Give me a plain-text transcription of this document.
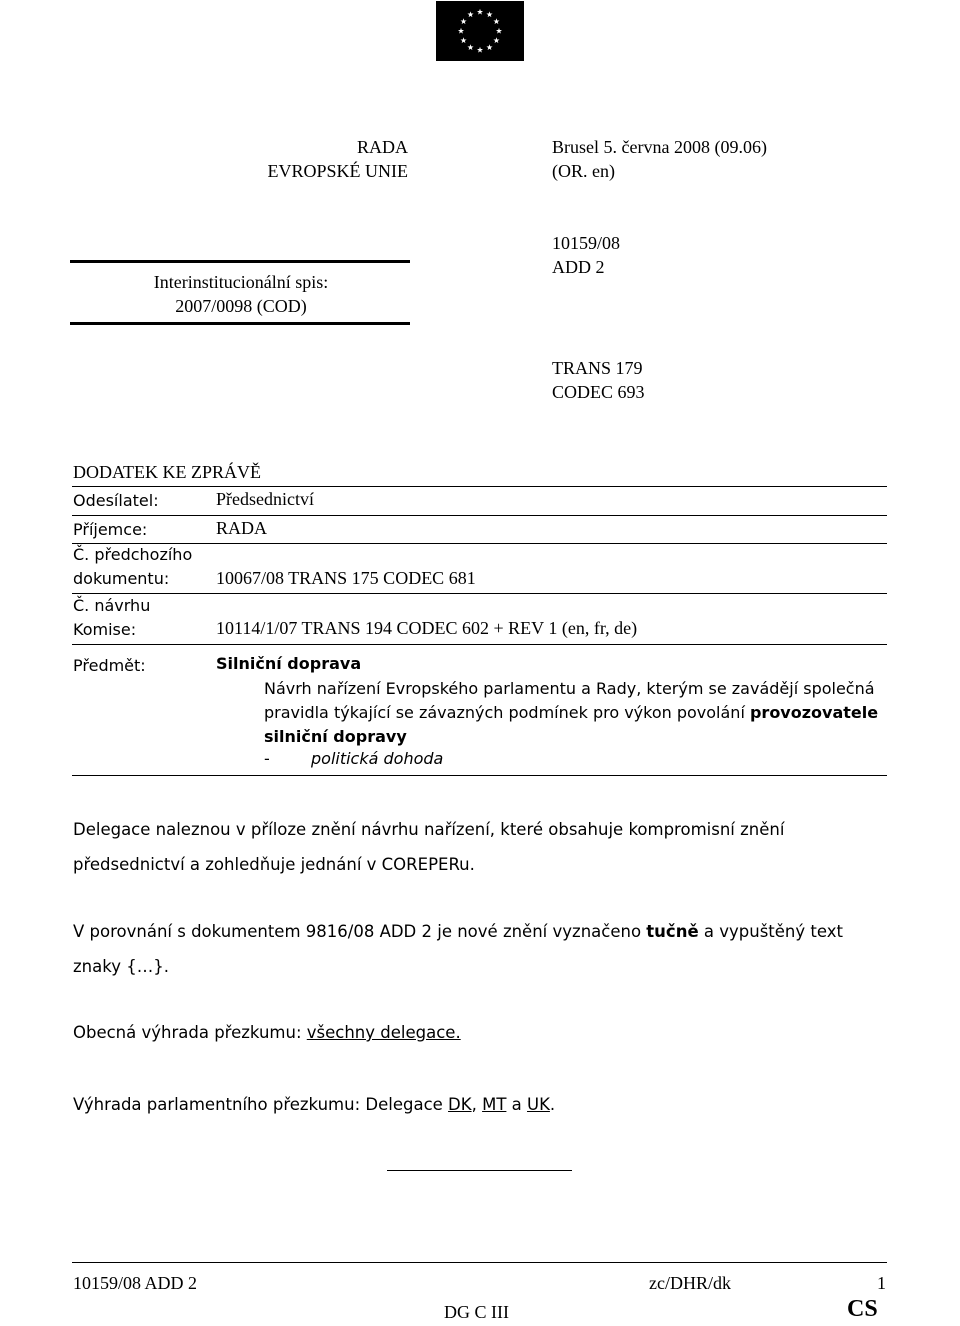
RADA
EVROPSKÉ UNIE
Brusel 5. června 2008 (09.06)
(OR. en)
Interinstitucionální spis:
2007/0098 (COD)
10159/08
ADD 2
TRANS 179
CODEC 693
DODATEK KE ZPRÁVĚ
Odesílatel:	Předsednictví
Příjemce:	RADA
Č. předchozího
dokumentu:	10067/08 TRANS 175 CODEC 681
Č. návrhu
Komise:	10114/1/07 TRANS 194 CODEC 602 + REV 1 (en, fr, de)
Předmět:	Silniční doprava
Návrh nařízení Evropského parlamentu a Rady, kterým se zavádějí společná pravidla týkající se závazných podmínek pro výkon povolání provozovatele silniční dopravy
-	politická dohoda
Delegace naleznou v příloze znění návrhu nařízení, které obsahuje kompromisní znění předsednictví a zohledňuje jednání v COREPERu.
V porovnání s dokumentem 9816/08 ADD 2 je nové znění vyznačeno tučně a vypuštěný text znaky {…}.
Obecná výhrada přezkumu: všechny delegace.
Výhrada parlamentního přezkumu: Delegace DK, MT a UK.
10159/08 ADD 2	zc/DHR/dk	1
DG C III	CS
